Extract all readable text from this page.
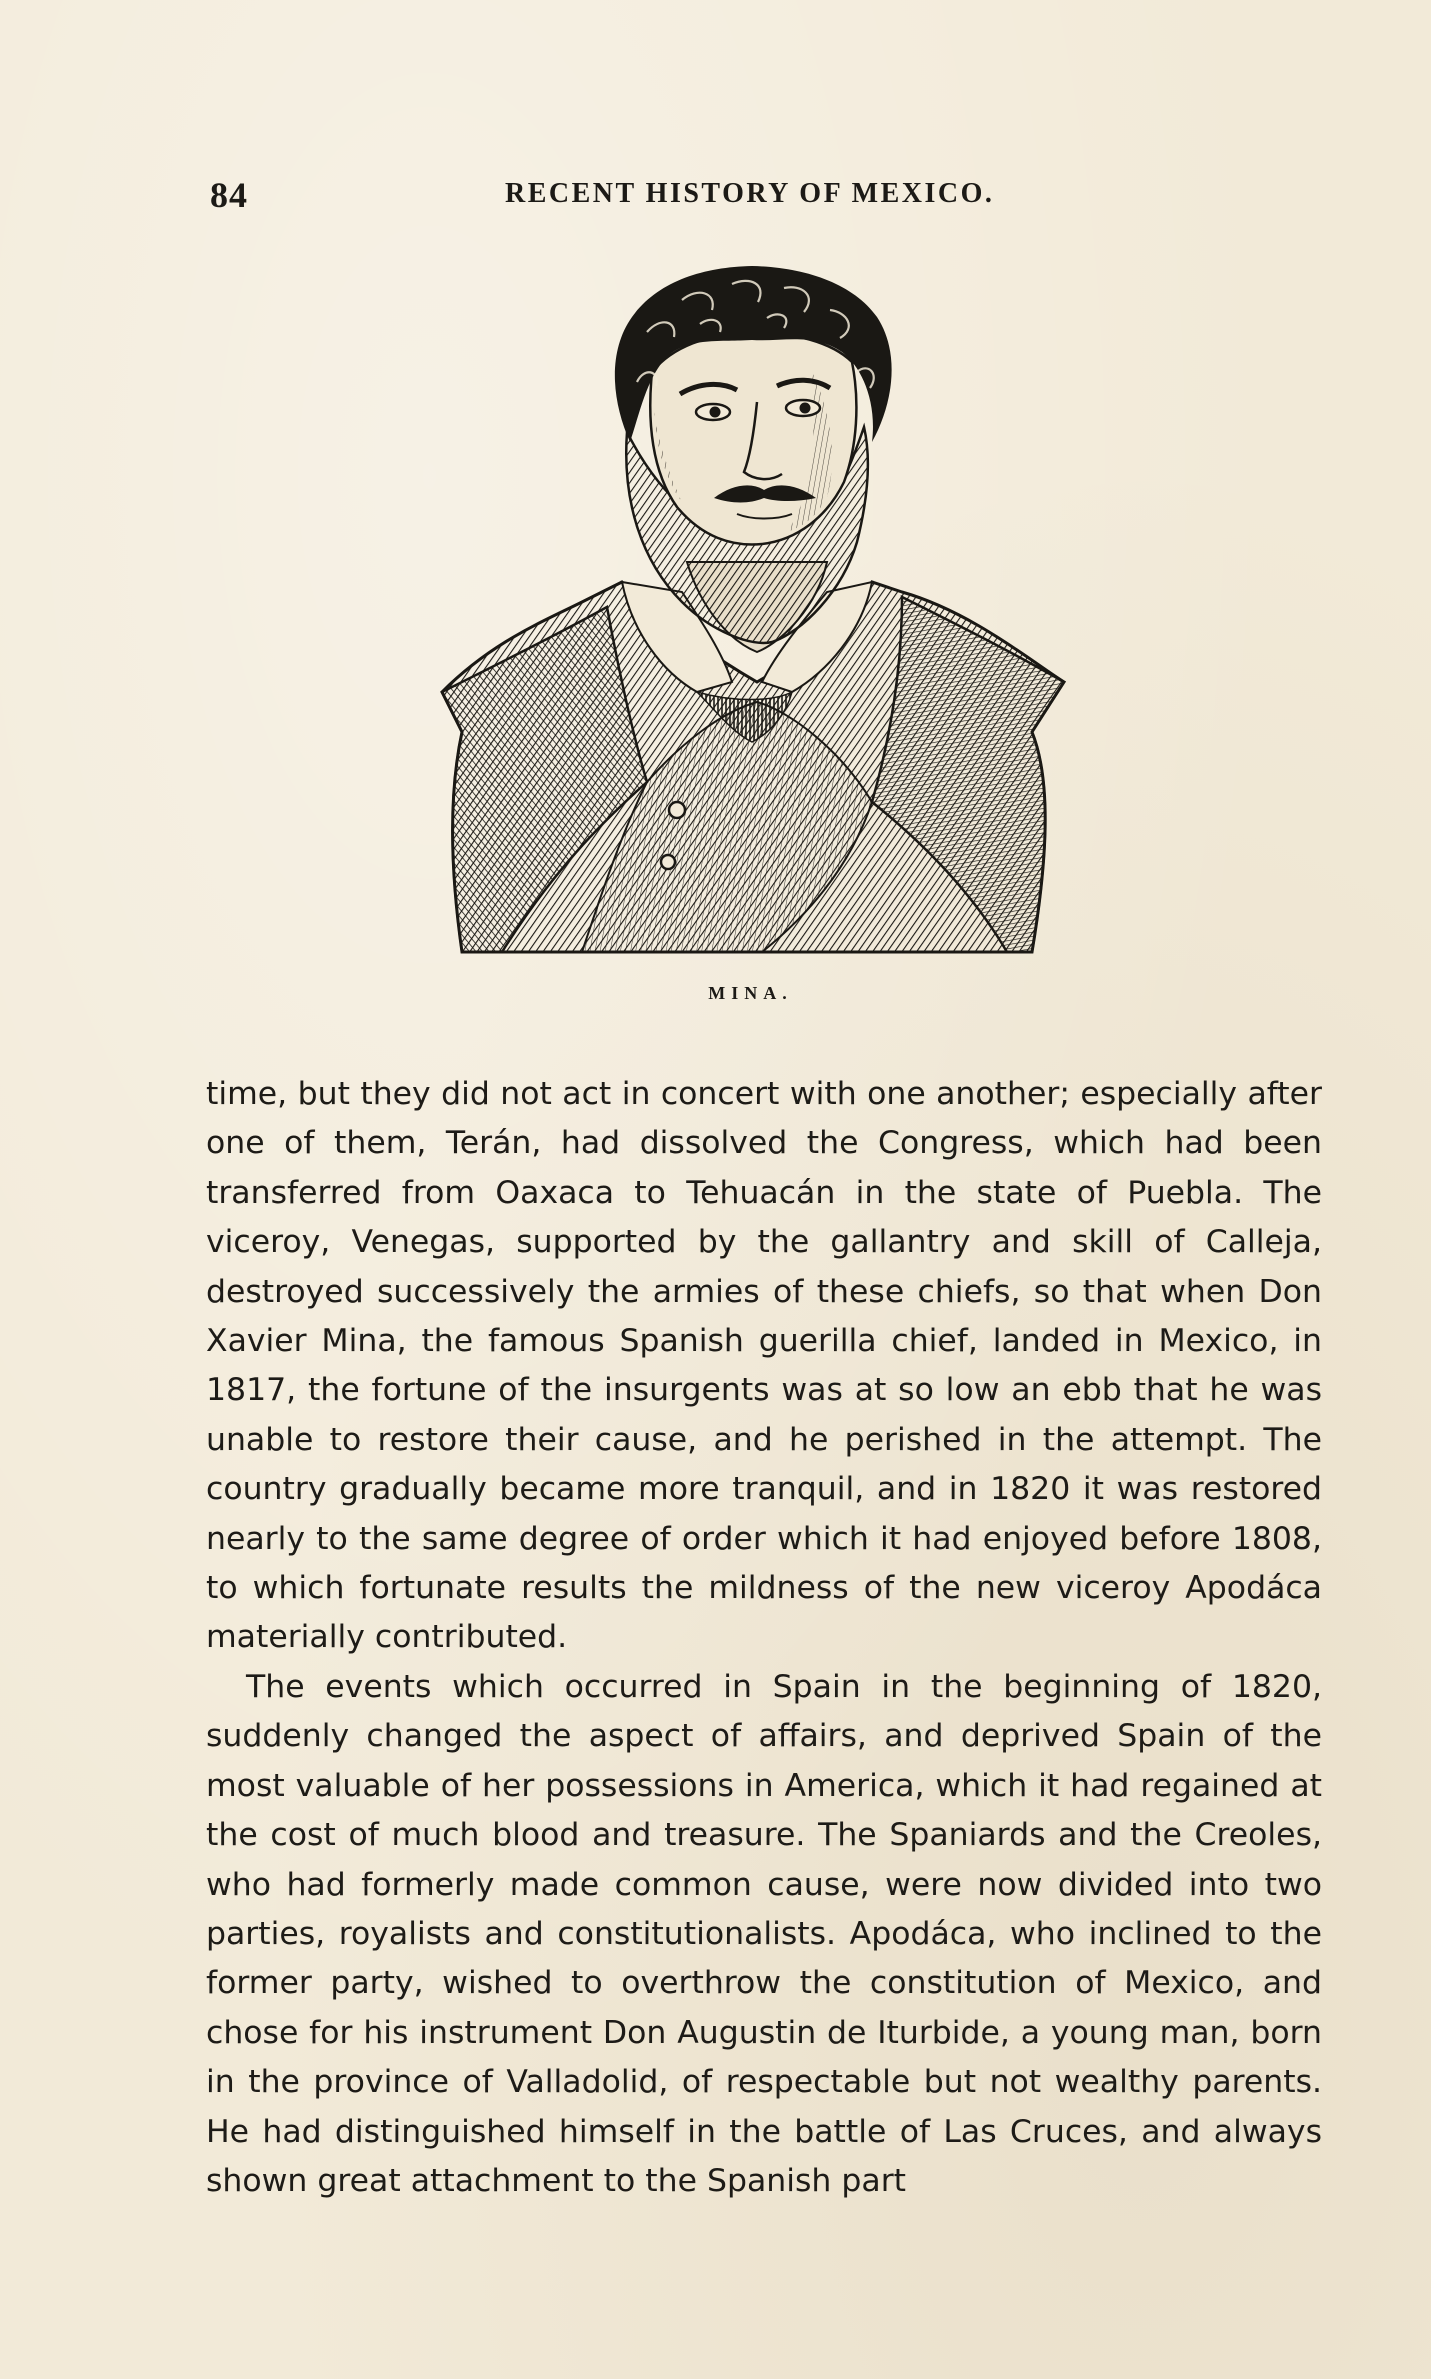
84	RECENT HISTORY OF MEXICO.
MINA.

time, but they did not act in concert with one another; especially after one of them, Terán, had dissolved the Congress, which had been transferred from Oaxaca to Tehuacán in the state of Puebla. The viceroy, Venegas, supported by the gallantry and skill of Calleja, destroyed successively the armies of these chiefs, so that when Don Xavier Mina, the famous Spanish guerilla chief, landed in Mexico, in 1817, the fortune of the insurgents was at so low an ebb that he was unable to restore their cause, and he perished in the attempt. The country gradually became more tranquil, and in 1820 it was restored nearly to the same degree of order which it had enjoyed before 1808, to which fortunate results the mildness of the new viceroy Apodáca materially contributed.

The events which occurred in Spain in the beginning of 1820, suddenly changed the aspect of affairs, and deprived Spain of the most valuable of her possessions in America, which it had regained at the cost of much blood and treasure. The Spaniards and the Creoles, who had formerly made common cause, were now divided into two parties, royalists and constitutionalists. Apodáca, who inclined to the former party, wished to overthrow the constitution of Mexico, and chose for his instrument Don Augustin de Iturbide, a young man, born in the province of Valladolid, of respectable but not wealthy parents. He had distinguished himself in the battle of Las Cruces, and always shown great attachment to the Spanish part
